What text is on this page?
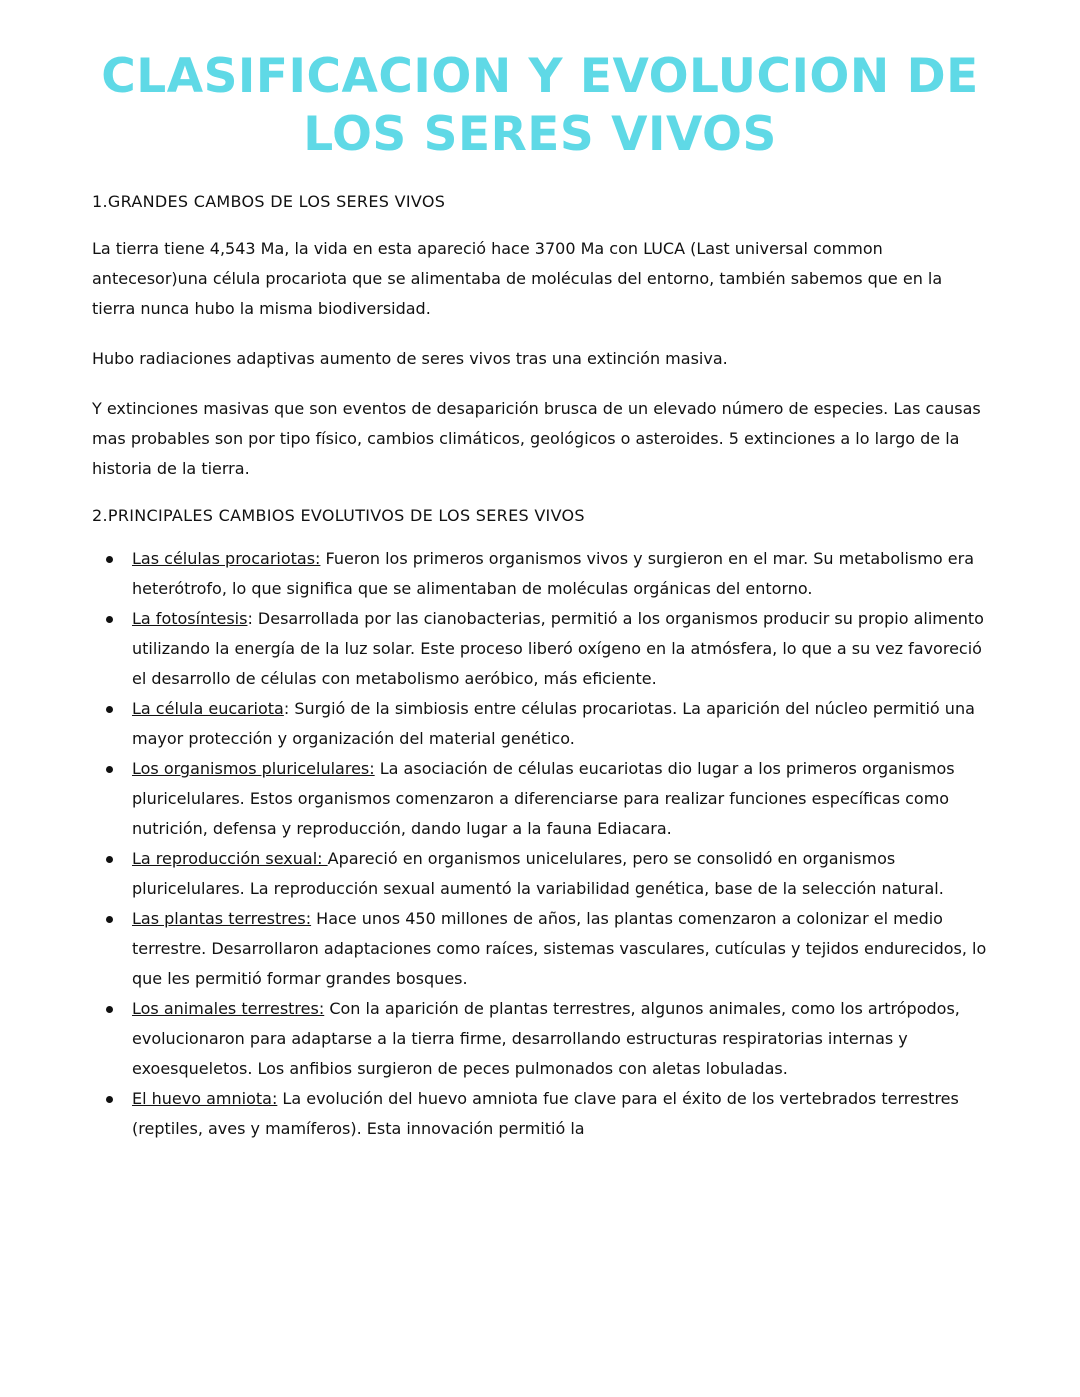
CLASIFICACION Y EVOLUCION DE
LOS SERES VIVOS
1.GRANDES CAMBOS DE LOS SERES VIVOS

La tierra tiene 4,543 Ma, la vida en esta apareció hace 3700 Ma con LUCA (Last universal common antecesor)una célula procariota que se alimentaba de moléculas del entorno, también sabemos que en la tierra nunca hubo la misma biodiversidad.

Hubo radiaciones adaptivas aumento de seres vivos tras una extinción masiva.

Y extinciones masivas que son eventos de desaparición brusca de un elevado número de especies. Las causas mas probables son por tipo físico, cambios climáticos, geológicos o asteroides. 5 extinciones a lo largo de la historia de la tierra.

2.PRINCIPALES CAMBIOS EVOLUTIVOS DE LOS SERES VIVOS
Las células procariotas: Fueron los primeros organismos vivos y surgieron en el mar. Su metabolismo era heterótrofo, lo que significa que se alimentaban de moléculas orgánicas del entorno.
La fotosíntesis: Desarrollada por las cianobacterias, permitió a los organismos producir su propio alimento utilizando la energía de la luz solar. Este proceso liberó oxígeno en la atmósfera, lo que a su vez favoreció el desarrollo de células con metabolismo aeróbico, más eficiente.
La célula eucariota: Surgió de la simbiosis entre células procariotas. La aparición del núcleo permitió una mayor protección y organización del material genético.
Los organismos pluricelulares: La asociación de células eucariotas dio lugar a los primeros organismos pluricelulares. Estos organismos comenzaron a diferenciarse para realizar funciones específicas como nutrición, defensa y reproducción, dando lugar a la fauna Ediacara.
La reproducción sexual: Apareció en organismos unicelulares, pero se consolidó en organismos pluricelulares. La reproducción sexual aumentó la variabilidad genética, base de la selección natural.
Las plantas terrestres: Hace unos 450 millones de años, las plantas comenzaron a colonizar el medio terrestre. Desarrollaron adaptaciones como raíces, sistemas vasculares, cutículas y tejidos endurecidos, lo que les permitió formar grandes bosques.
Los animales terrestres: Con la aparición de plantas terrestres, algunos animales, como los artrópodos, evolucionaron para adaptarse a la tierra firme, desarrollando estructuras respiratorias internas y exoesqueletos. Los anfibios surgieron de peces pulmonados con aletas lobuladas.
El huevo amniota: La evolución del huevo amniota fue clave para el éxito de los vertebrados terrestres (reptiles, aves y mamíferos). Esta innovación permitió la
